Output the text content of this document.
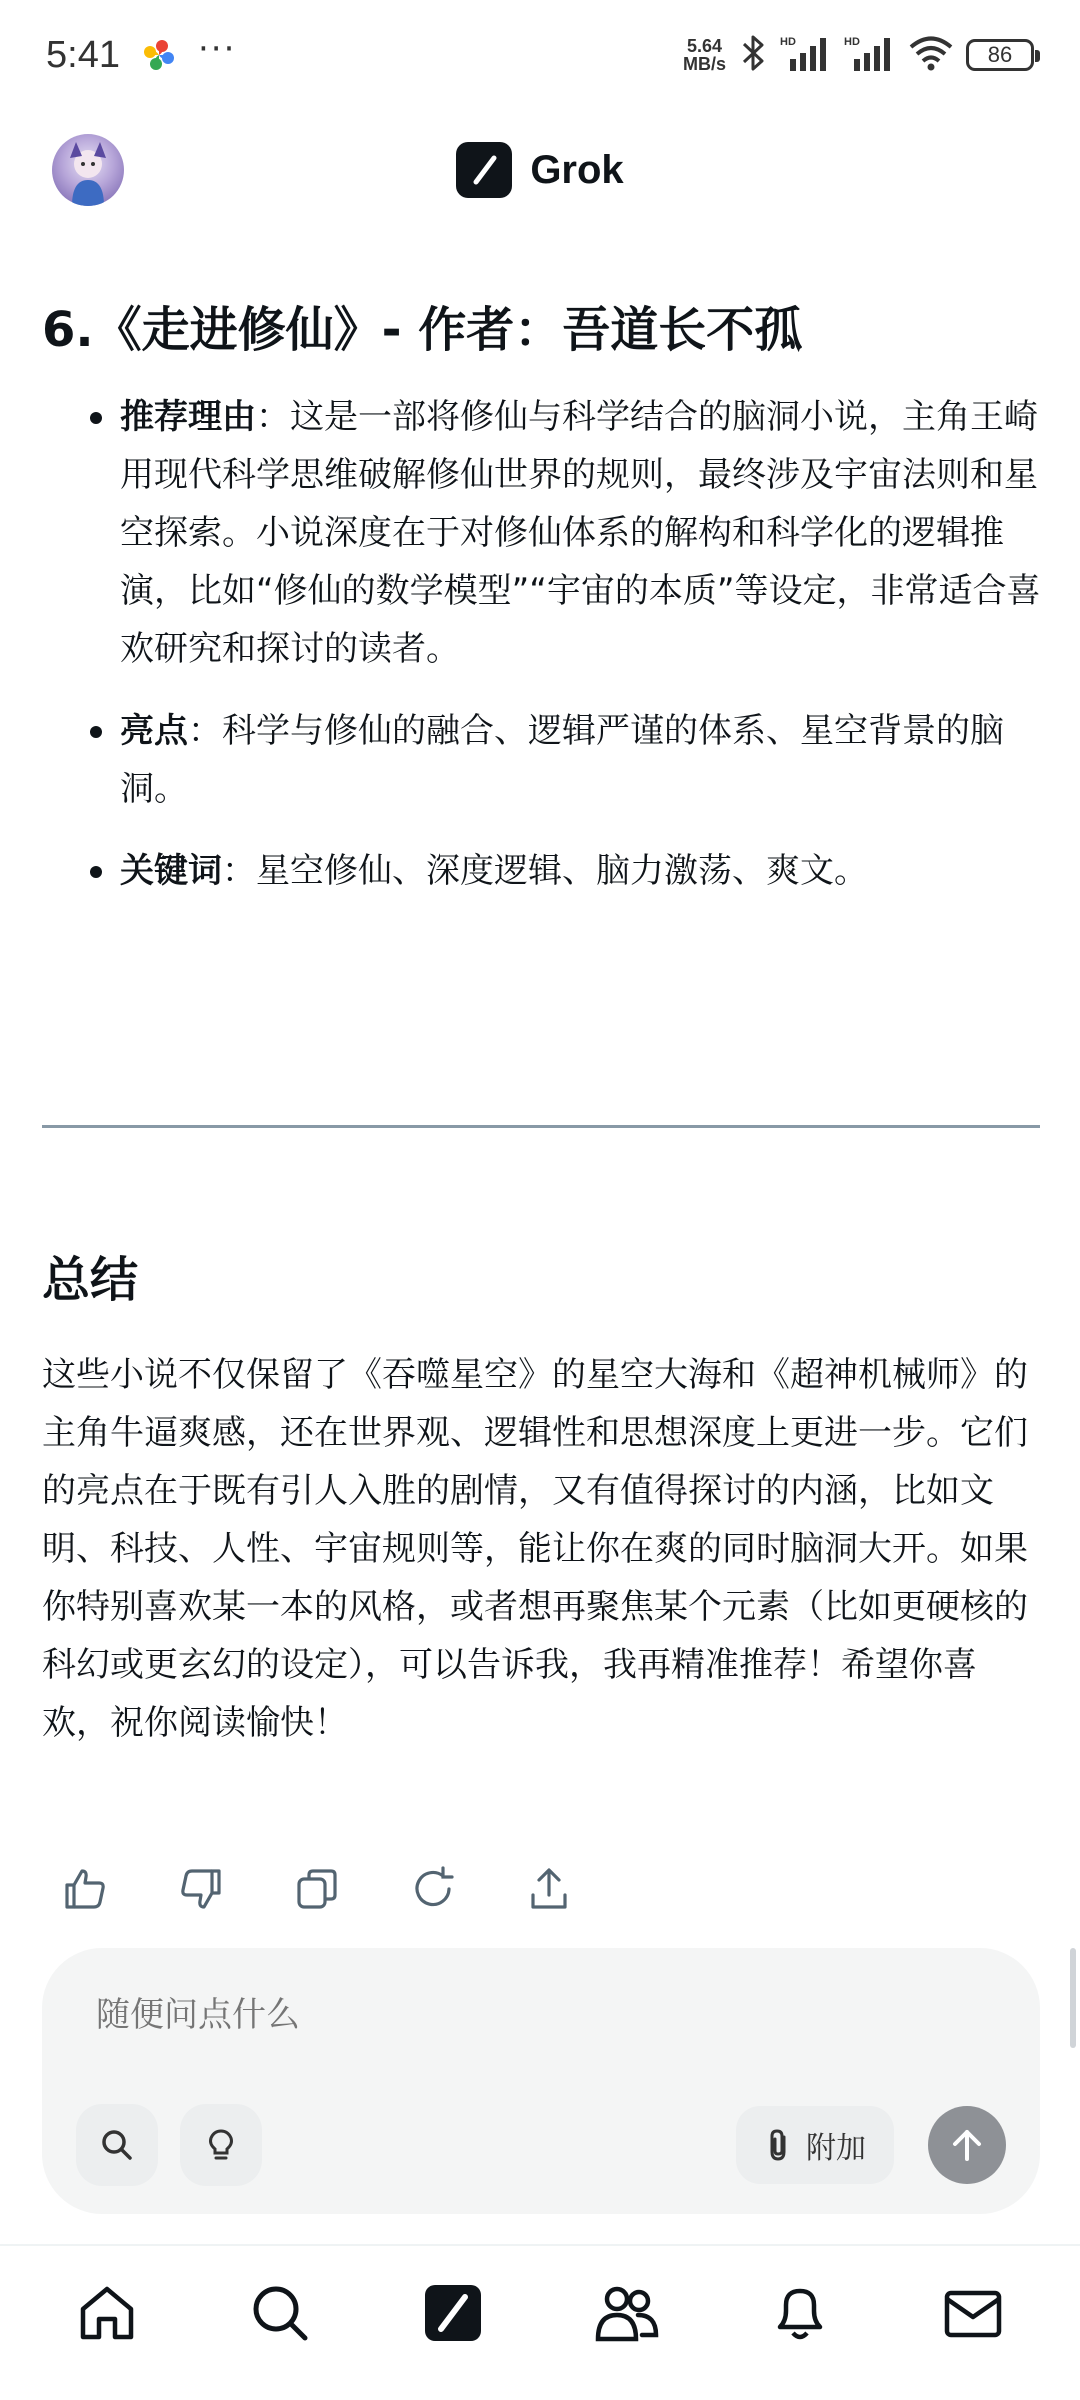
5:41 ···	5.64
MB/s
HD	HD	86
Grok
6.《走进修仙》- 作者：吾道长不孤
推荐理由：这是一部将修仙与科学结合的脑洞小说，主角王崎用现代科学思维破解修仙世界的规则，最终涉及宇宙法则和星空探索。小说深度在于对修仙体系的解构和科学化的逻辑推演，比如“修仙的数学模型”“宇宙的本质”等设定，非常适合喜欢研究和探讨的读者。
亮点：科学与修仙的融合、逻辑严谨的体系、星空背景的脑洞。
关键词：星空修仙、深度逻辑、脑力激荡、爽文。
总结

这些小说不仅保留了《吞噬星空》的星空大海和《超神机械师》的主角牛逼爽感，还在世界观、逻辑性和思想深度上更进一步。它们的亮点在于既有引人入胜的剧情，又有值得探讨的内涵，比如文明、科技、人性、宇宙规则等，能让你在爽的同时脑洞大开。如果你特别喜欢某一本的风格，或者想再聚焦某个元素（比如更硬核的科幻或更玄幻的设定），可以告诉我，我再精准推荐！希望你喜欢，祝你阅读愉快！

随便问点什么
附加
